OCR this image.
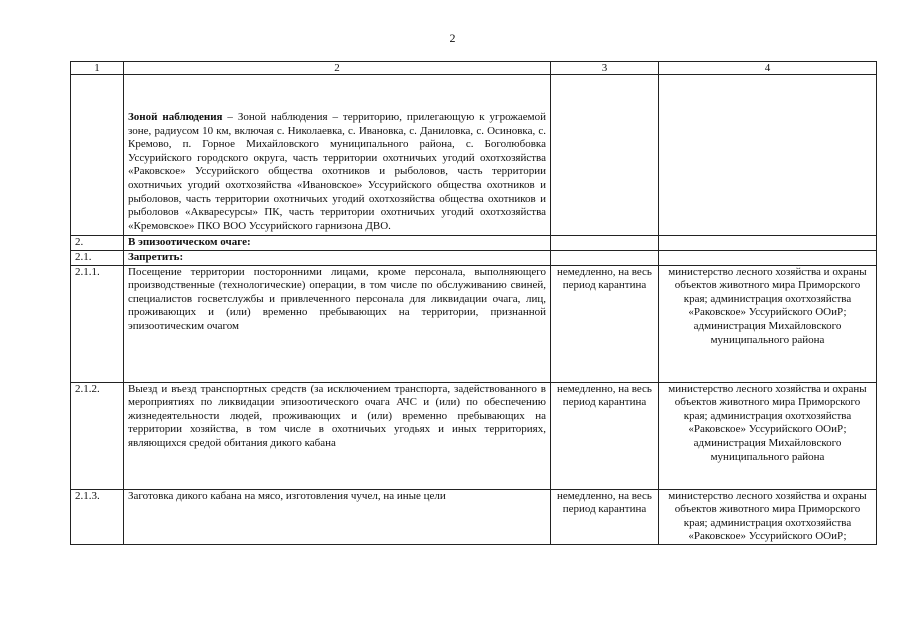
2
1	2	3	4
	Зоной наблюдения – Зоной наблюдения – территорию, прилегающую к угрожаемой зоне, радиусом 10 км, включая с. Николаевка, с. Ивановка, с. Даниловка, с. Осиновка, с. Кремово, п. Горное Михайловского муниципального района, с. Боголюбовка Уссурийского городского округа, часть территории охотничьих угодий охотхозяйства «Раковское» Уссурийского общества охотников и рыболовов, часть территории охотничьих угодий охотхозяйства «Ивановское» Уссурийского общества охотников и рыболовов, часть территории охотничьих угодий охотхозяйства общества охотников и рыболовов «Акваресурсы» ПК, часть территории охотничьих угодий охотхозяйства «Кремовское» ПКО ВОО Уссурийского гарнизона ДВО.		
2.	В эпизоотическом очаге:		
2.1.	Запретить:		
2.1.1.	Посещение территории посторонними лицами, кроме персонала, выполняющего производственные (технологические) операции, в том числе по обслуживанию свиней, специалистов госветслужбы и привлеченного персонала для ликвидации очага, лиц, проживающих и (или) временно пребывающих на территории, признанной эпизоотическим очагом	немедленно, на весь период карантина	министерство лесного хозяйства и охраны объектов животного мира Приморского края; администрация охотхозяйства «Раковское» Уссурийского ООиР; администрация Михайловского муниципального района
2.1.2.	Выезд и въезд транспортных средств (за исключением транспорта, задействованного в мероприятиях по ликвидации эпизоотического очага АЧС и (или) по обеспечению жизнедеятельности людей, проживающих и (или) временно пребывающих на территории хозяйства, в том числе в охотничьих угодьях и иных территориях, являющихся средой обитания дикого кабана	немедленно, на весь период карантина	министерство лесного хозяйства и охраны объектов животного мира Приморского края; администрация охотхозяйства «Раковское» Уссурийского ООиР; администрация Михайловского муниципального района
2.1.3.	Заготовка дикого кабана на мясо, изготовления чучел, на иные цели	немедленно, на весь период карантина	министерство лесного хозяйства и охраны объектов животного мира Приморского края; администрация охотхозяйства «Раковское» Уссурийского ООиР;
